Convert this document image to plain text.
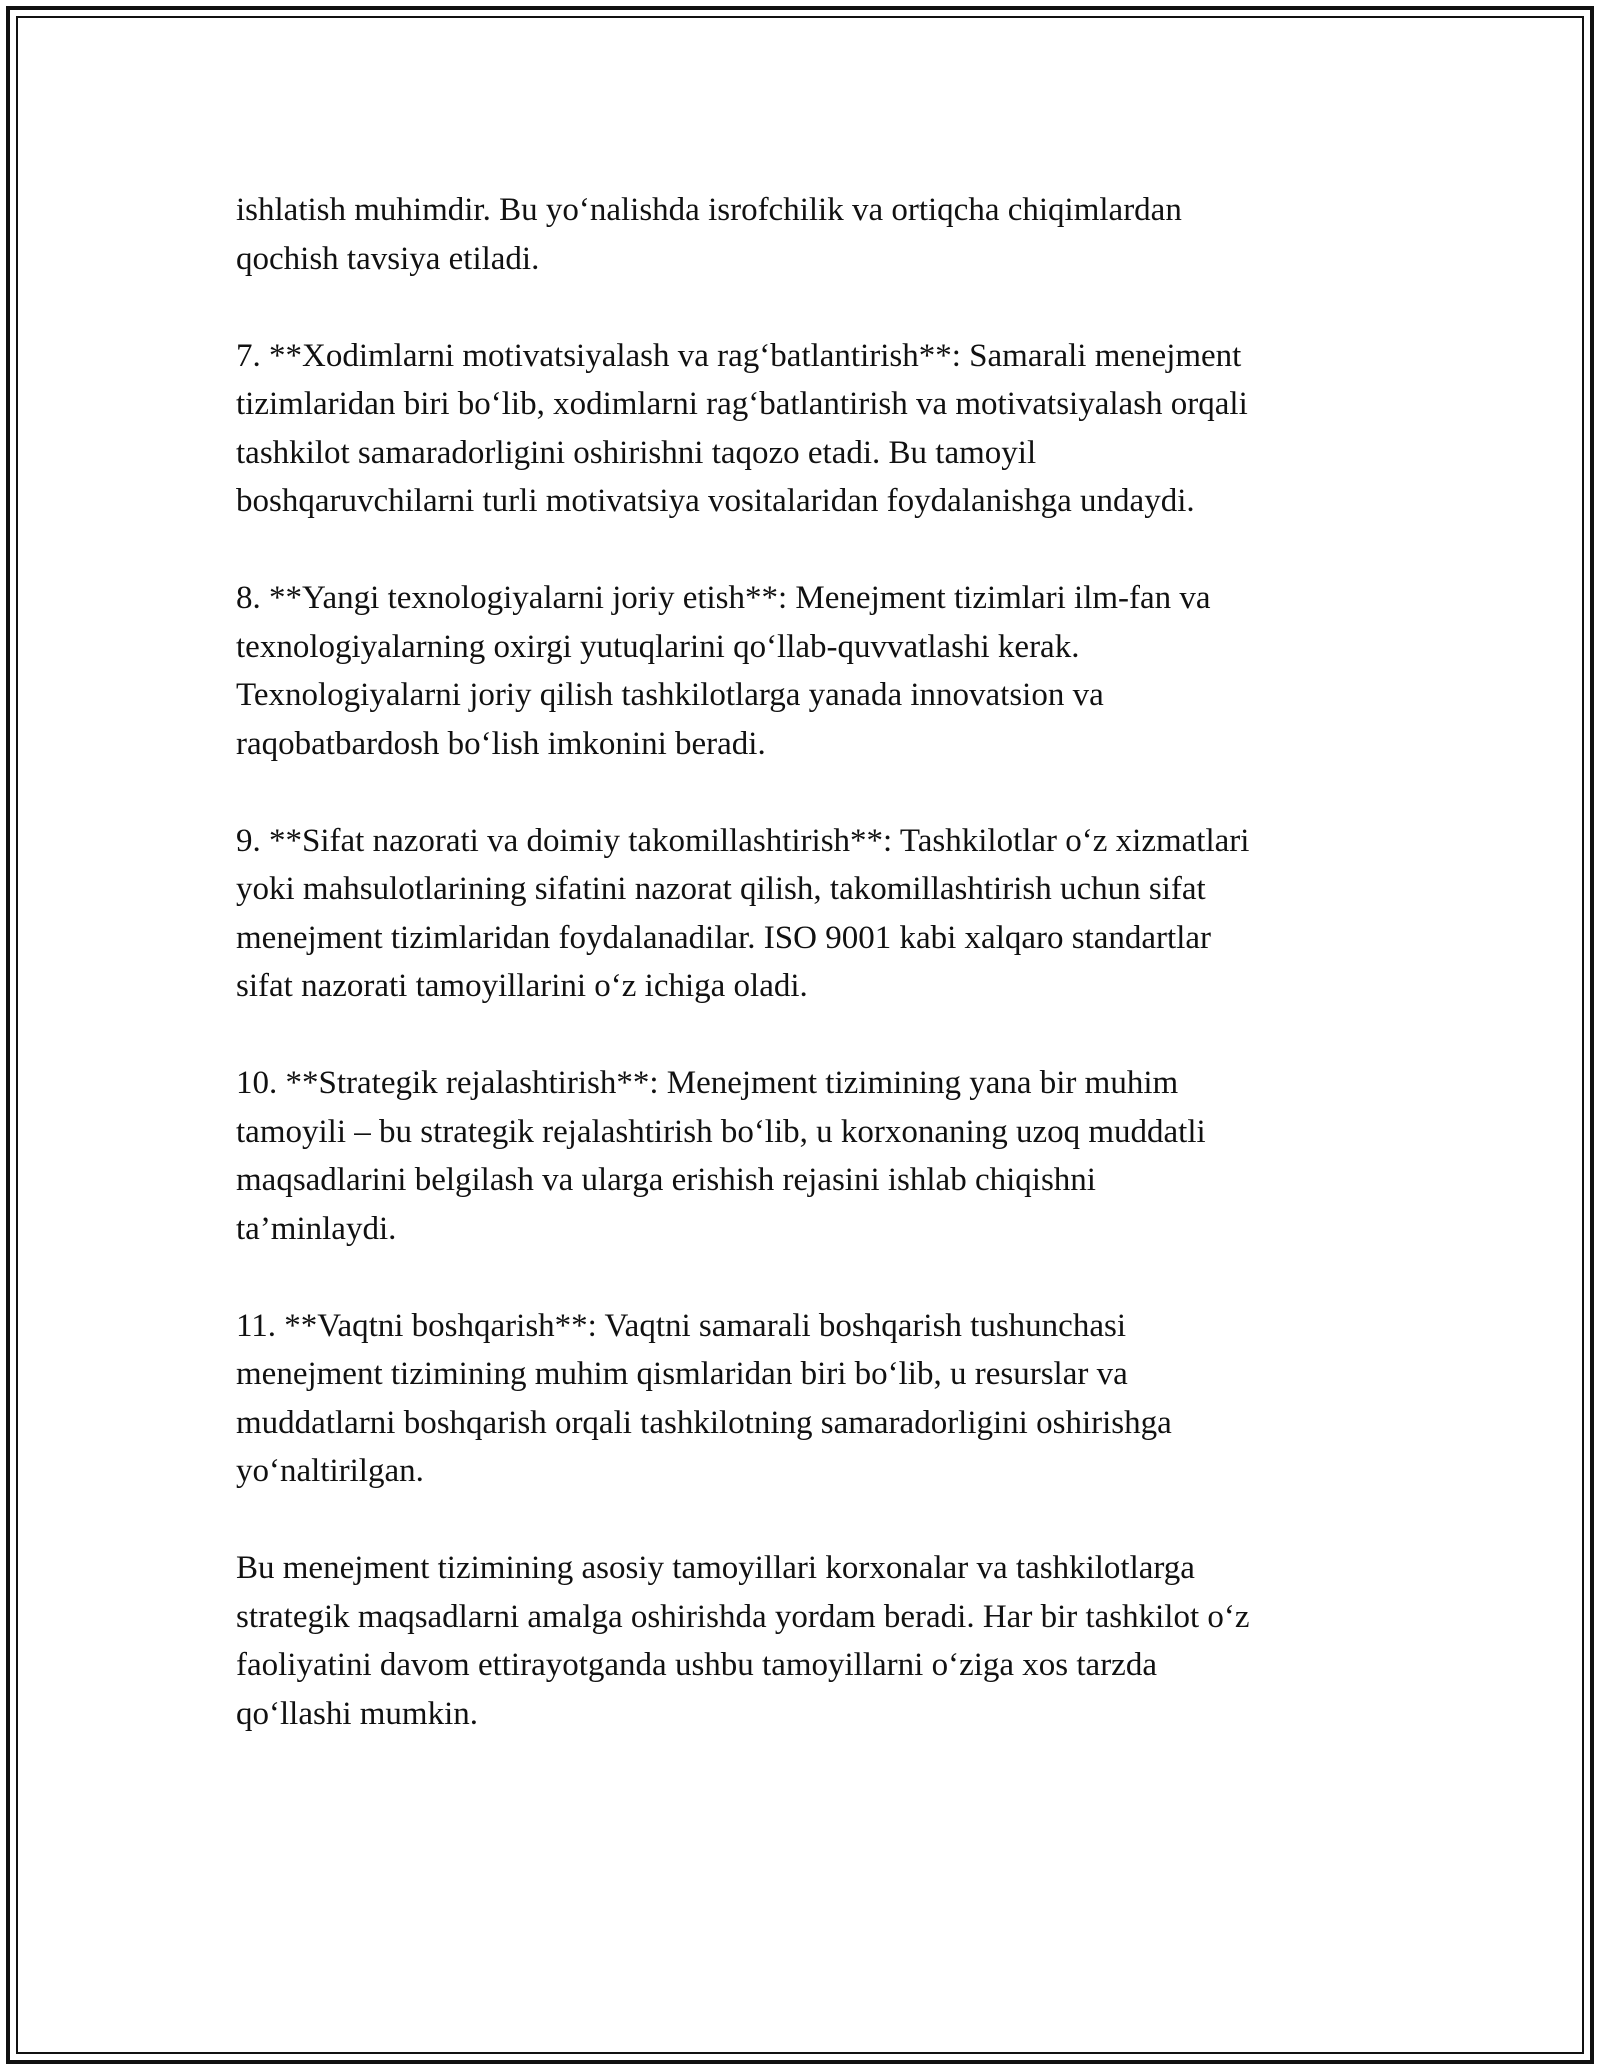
ishlatish muhimdir. Bu yo‘nalishda isrofchilik va ortiqcha chiqimlardan
qochish tavsiya etiladi.

7. **Xodimlarni motivatsiyalash va rag‘batlantirish**: Samarali menejment
tizimlaridan biri bo‘lib, xodimlarni rag‘batlantirish va motivatsiyalash orqali
tashkilot samaradorligini oshirishni taqozo etadi. Bu tamoyil
boshqaruvchilarni turli motivatsiya vositalaridan foydalanishga undaydi.

8. **Yangi texnologiyalarni joriy etish**: Menejment tizimlari ilm-fan va
texnologiyalarning oxirgi yutuqlarini qo‘llab-quvvatlashi kerak.
Texnologiyalarni joriy qilish tashkilotlarga yanada innovatsion va
raqobatbardosh bo‘lish imkonini beradi.

9. **Sifat nazorati va doimiy takomillashtirish**: Tashkilotlar o‘z xizmatlari
yoki mahsulotlarining sifatini nazorat qilish, takomillashtirish uchun sifat
menejment tizimlaridan foydalanadilar. ISO 9001 kabi xalqaro standartlar
sifat nazorati tamoyillarini o‘z ichiga oladi.

10. **Strategik rejalashtirish**: Menejment tizimining yana bir muhim
tamoyili – bu strategik rejalashtirish bo‘lib, u korxonaning uzoq muddatli
maqsadlarini belgilash va ularga erishish rejasini ishlab chiqishni
ta’minlaydi.

11. **Vaqtni boshqarish**: Vaqtni samarali boshqarish tushunchasi
menejment tizimining muhim qismlaridan biri bo‘lib, u resurslar va
muddatlarni boshqarish orqali tashkilotning samaradorligini oshirishga
yo‘naltirilgan.

Bu menejment tizimining asosiy tamoyillari korxonalar va tashkilotlarga
strategik maqsadlarni amalga oshirishda yordam beradi. Har bir tashkilot o‘z
faoliyatini davom ettirayotganda ushbu tamoyillarni o‘ziga xos tarzda
qo‘llashi mumkin.
